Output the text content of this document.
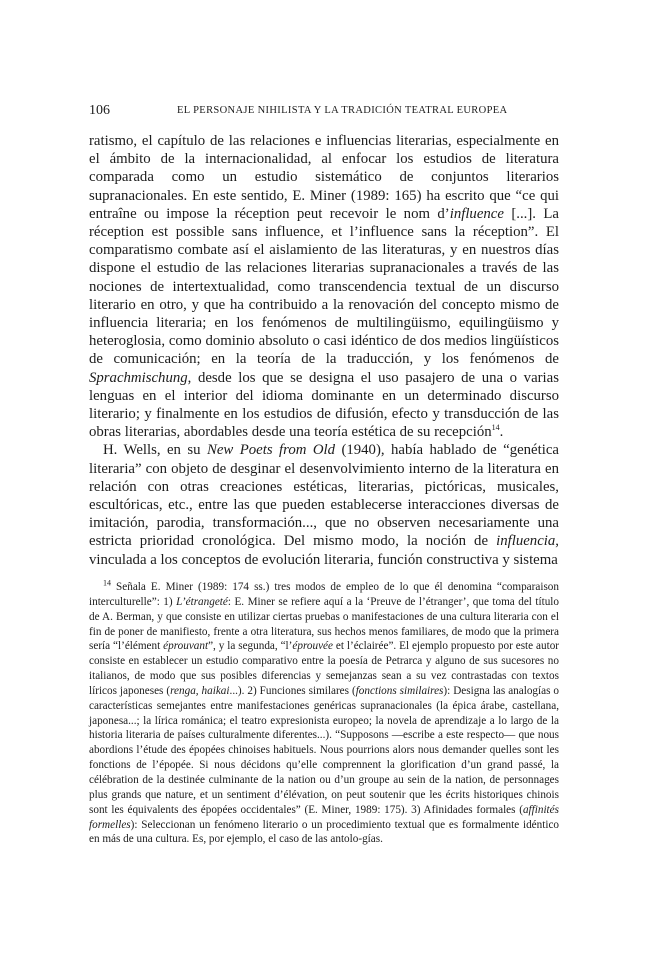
106	EL PERSONAJE NIHILISTA Y LA TRADICIÓN TEATRAL EUROPEA

ratismo, el capítulo de las relaciones e influencias literarias, especialmente en el ámbito de la internacionalidad, al enfocar los estudios de literatura comparada como un estudio sistemático de conjuntos literarios supranacionales. En este sentido, E. Miner (1989: 165) ha escrito que “ce qui entraîne ou impose la réception peut recevoir le nom d’influence [...]. La réception est possible sans influence, et l’influence sans la réception”. El comparatismo combate así el aislamiento de las literaturas, y en nuestros días dispone el estudio de las relaciones literarias supranacionales a través de las nociones de intertextualidad, como transcendencia textual de un discurso literario en otro, y que ha contribuido a la renovación del concepto mismo de influencia literaria; en los fenómenos de multilingüismo, equilingüismo y heteroglosia, como dominio absoluto o casi idéntico de dos medios lingüísticos de comunicación; en la teoría de la traducción, y los fenómenos de Sprachmischung, desde los que se designa el uso pasajero de una o varias lenguas en el interior del idioma dominante en un determinado discurso literario; y finalmente en los estudios de difusión, efecto y transducción de las obras literarias, abordables desde una teoría estética de su recepción$^{14}$.

H. Wells, en su New Poets from Old (1940), había hablado de “genética literaria” con objeto de desginar el desenvolvimiento interno de la literatura en relación con otras creaciones estéticas, literarias, pictóricas, musicales, escultóricas, etc., entre las que pueden establecerse interacciones diversas de imitación, parodia, transformación..., que no observen necesariamente una estricta prioridad cronológica. Del mismo modo, la noción de influencia, vinculada a los conceptos de evolución literaria, función constructiva y sistema

$^{14}$ Señala E. Miner (1989: 174 ss.) tres modos de empleo de lo que él denomina “comparaison interculturelle”: 1) L’étrangeté: E. Miner se refiere aquí a la ‘Preuve de l’étranger’, que toma del título de A. Berman, y que consiste en utilizar ciertas pruebas o manifestaciones de una cultura literaria con el fin de poner de manifiesto, frente a otra literatura, sus hechos menos familiares, de modo que la primera sería “l’élément éprouvant”, y la segunda, “l’éprouvée et l’éclairée”. El ejemplo propuesto por este autor consiste en establecer un estudio comparativo entre la poesía de Petrarca y alguno de sus sucesores no italianos, de modo que sus posibles diferencias y semejanzas sean a su vez contrastadas con textos líricos japoneses (renga, haikai...). 2) Funciones similares (fonctions similaires): Designa las analogías o características semejantes entre manifestaciones genéricas supranacionales (la épica árabe, castellana, japonesa...; la lírica románica; el teatro expresionista europeo; la novela de aprendizaje a lo largo de la historia literaria de países culturalmente diferentes...). “Supposons —escribe a este respecto— que nous abordions l’étude des épopées chinoises habituels. Nous pourrions alors nous demander quelles sont les fonctions de l’épopée. Si nous décidons qu’elle comprennent la glorification d’un grand passé, la célébration de la destinée culminante de la nation ou d’un groupe au sein de la nation, de personnages plus grands que nature, et un sentiment d’élévation, on peut soutenir que les écrits historiques chinois sont les équivalents des épopées occidentales” (E. Miner, 1989: 175). 3) Afinidades formales (affinités formelles): Seleccionan un fenómeno literario o un procedimiento textual que es formalmente idéntico en más de una cultura. Es, por ejemplo, el caso de las antolo-gías.
